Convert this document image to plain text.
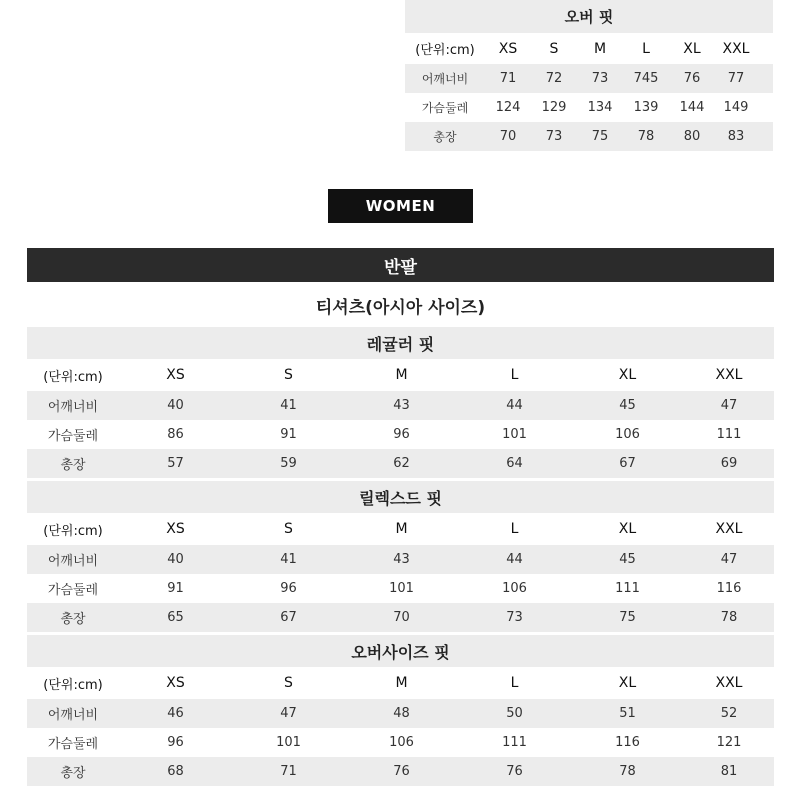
오버 핏
(단위:cm)	XS	S	M	L	XL	XXL
어깨너비	71	72	73	745	76	77
가슴둘레	124	129	134	139	144	149
총장	70	73	75	78	80	83
WOMEN
반팔
티셔츠(아시아 사이즈)
레귤러 핏
(단위:cm)	XS	S	M	L	XL	XXL
어깨너비	40	41	43	44	45	47
가슴둘레	86	91	96	101	106	111
총장	57	59	62	64	67	69
릴렉스드 핏
(단위:cm)	XS	S	M	L	XL	XXL
어깨너비	40	41	43	44	45	47
가슴둘레	91	96	101	106	111	116
총장	65	67	70	73	75	78
오버사이즈 핏
(단위:cm)	XS	S	M	L	XL	XXL
어깨너비	46	47	48	50	51	52
가슴둘레	96	101	106	111	116	121
총장	68	71	76	76	78	81
